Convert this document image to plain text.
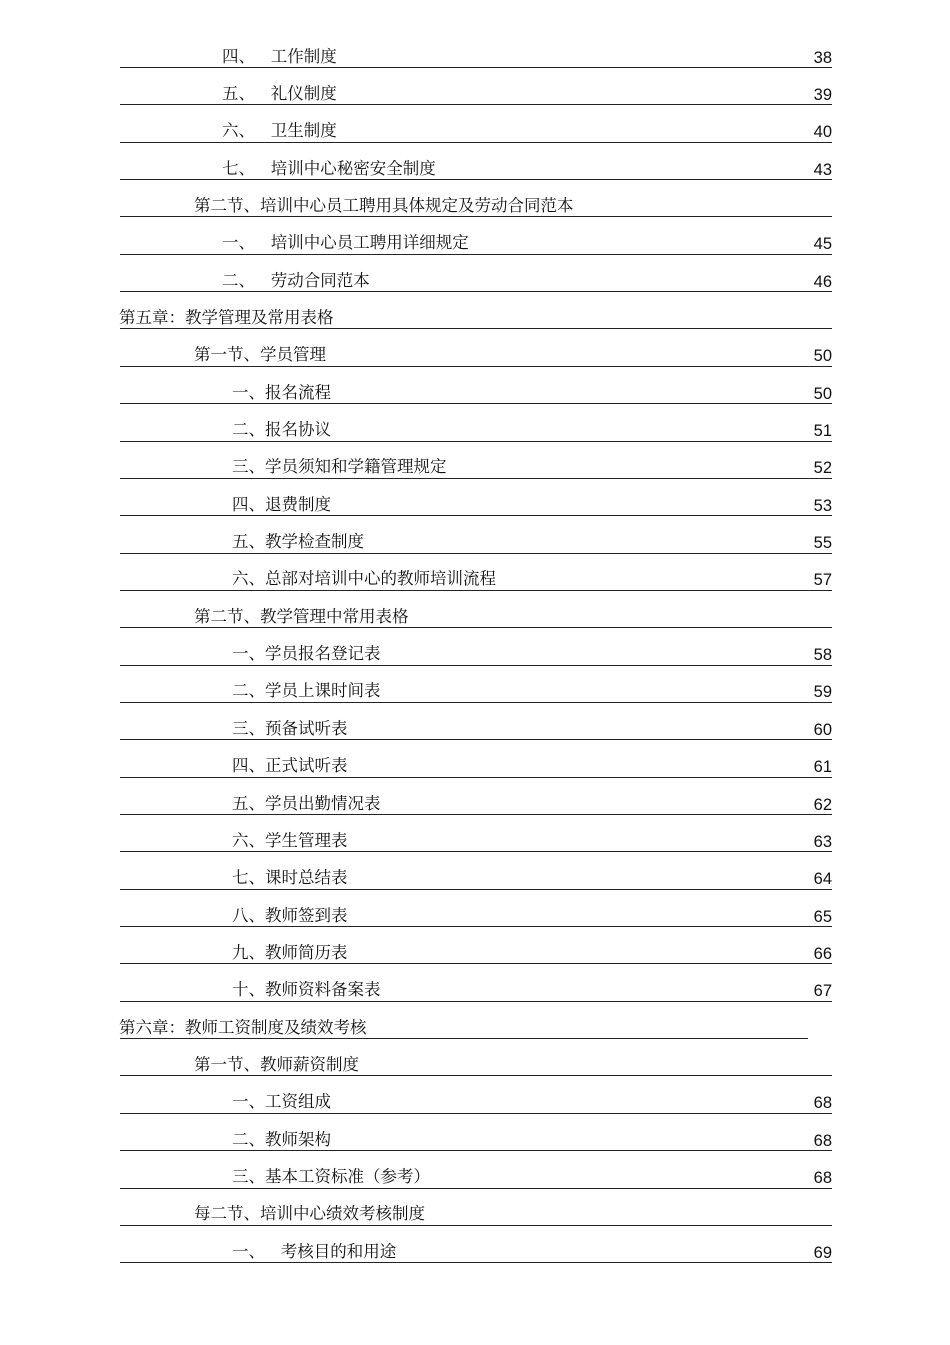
四、   工作制度	38
五、   礼仪制度	39
六、   卫生制度	40
七、   培训中心秘密安全制度	43
第二节、培训中心员工聘用具体规定及劳动合同范本
一、   培训中心员工聘用详细规定	45
二、   劳动合同范本	46
第五章：教学管理及常用表格
第一节、学员管理	50
一、报名流程	50
二、报名协议	51
三、学员须知和学籍管理规定	52
四、退费制度	53
五、教学检查制度	55
六、总部对培训中心的教师培训流程	57
第二节、教学管理中常用表格
一、学员报名登记表	58
二、学员上课时间表	59
三、预备试听表	60
四、正式试听表	61
五、学员出勤情况表	62
六、学生管理表	63
七、课时总结表	64
八、教师签到表	65
九、教师简历表	66
十、教师资料备案表	67
第六章：教师工资制度及绩效考核
第一节、教师薪资制度
一、工资组成	68
二、教师架构	68
三、基本工资标准（参考）	68
每二节、培训中心绩效考核制度
一、   考核目的和用途	69
